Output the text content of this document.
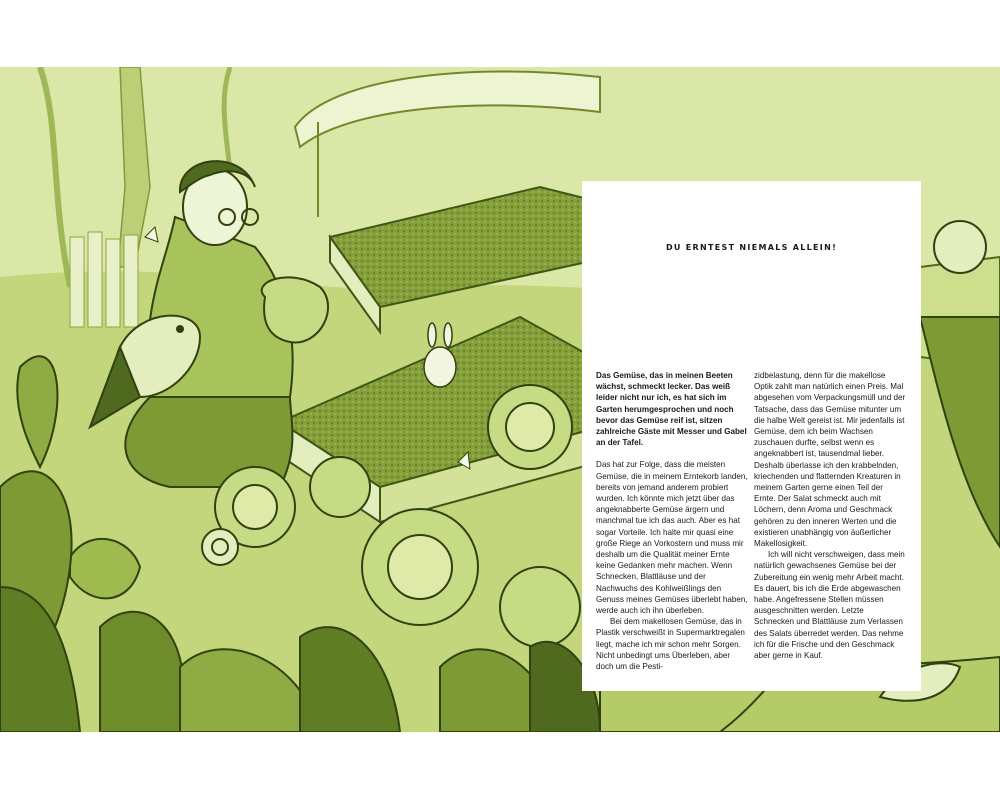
DU ERNTEST NIEMALS ALLEIN!

Das Gemüse, das in meinen Beeten wächst, schmeckt lecker. Das weiß leider nicht nur ich, es hat sich im Garten herumgesprochen und noch bevor das Gemüse reif ist, sitzen zahlreiche Gäste mit Messer und Gabel an der Tafel.

Das hat zur Folge, dass die meisten Gemüse, die in meinem Erntekorb landen, bereits von jemand anderem probiert wurden. Ich könnte mich jetzt über das angeknabberte Gemüse ärgern und manchmal tue ich das auch. Aber es hat sogar Vorteile. Ich halte mir quasi eine große Riege an Vorkostern und muss mir deshalb um die Qualität meiner Ernte keine Gedanken mehr machen. Wenn Schnecken, Blattläuse und der Nachwuchs des Kohlweißlings den Genuss meines Gemüses überlebt haben, werde auch ich ihn überleben.

Bei dem makellosen Gemüse, das in Plastik verschweißt in Supermarktregalen liegt, mache ich mir schon mehr Sorgen. Nicht unbedingt ums Überleben, aber doch um die Pesti-

zidbelastung, denn für die makellose Optik zahlt man natürlich einen Preis. Mal abgesehen vom Verpackungsmüll und der Tatsache, dass das Gemüse mitunter um die halbe Welt gereist ist. Mir jedenfalls ist Gemüse, dem ich beim Wachsen zuschauen durfte, selbst wenn es angeknabbert ist, tausendmal lieber. Deshalb überlasse ich den krabbelnden, kriechenden und flatternden Kreaturen in meinem Garten gerne einen Teil der Ernte. Der Salat schmeckt auch mit Löchern, denn Aroma und Geschmack gehören zu den inneren Werten und die existieren unabhängig von äußerlicher Makellosigkeit.

Ich will nicht verschweigen, dass mein natürlich gewachsenes Gemüse bei der Zubereitung ein wenig mehr Arbeit macht. Es dauert, bis ich die Erde abgewaschen habe. Angefressene Stellen müssen ausgeschnitten werden. Letzte Schnecken und Blattläuse zum Verlassen des Salats überredet werden. Das nehme ich für die Frische und den Geschmack aber gerne in Kauf.
